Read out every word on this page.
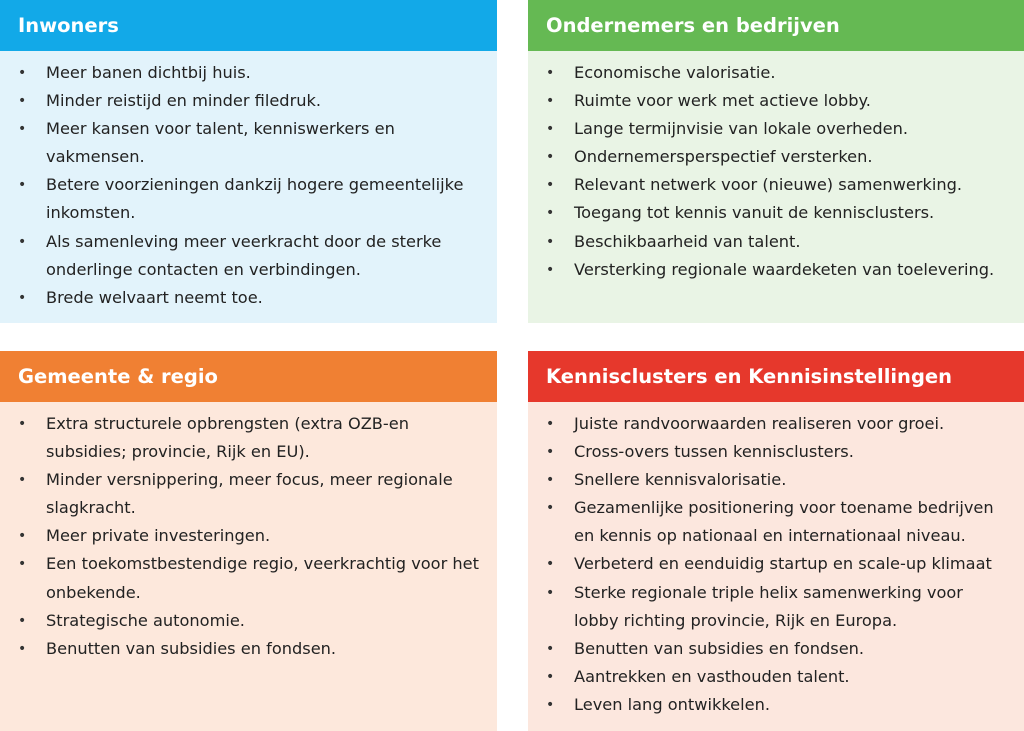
Inwoners
• Meer banen dichtbij huis.
• Minder reistijd en minder filedruk.
• Meer kansen voor talent, kenniswerkers en vakmensen.
• Betere voorzieningen dankzij hogere gemeentelijke inkomsten.
• Als samenleving meer veerkracht door de sterke onderlinge contacten en verbindingen.
• Brede welvaart neemt toe.
Ondernemers en bedrijven
• Economische valorisatie.
• Ruimte voor werk met actieve lobby.
• Lange termijnvisie van lokale overheden.
• Ondernemersperspectief versterken.
• Relevant netwerk voor (nieuwe) samenwerking.
• Toegang tot kennis vanuit de kennisclusters.
• Beschikbaarheid van talent.
• Versterking regionale waardeketen van toelevering.
Gemeente & regio
• Extra structurele opbrengsten (extra OZB-en subsidies; provincie, Rijk en EU).
• Minder versnippering, meer focus, meer regionale slagkracht.
• Meer private investeringen.
• Een toekomstbestendige regio, veerkrachtig voor het onbekende.
• Strategische autonomie.
• Benutten van subsidies en fondsen.
Kennisclusters en Kennisinstellingen
• Juiste randvoorwaarden realiseren voor groei.
• Cross-overs tussen kennisclusters.
• Snellere kennisvalorisatie.
• Gezamenlijke positionering voor toename bedrijven en kennis op nationaal en internationaal niveau.
• Verbeterd en eenduidig startup en scale-up klimaat
• Sterke regionale triple helix samenwerking voor lobby richting provincie, Rijk en Europa.
• Benutten van subsidies en fondsen.
• Aantrekken en vasthouden talent.
• Leven lang ontwikkelen.
